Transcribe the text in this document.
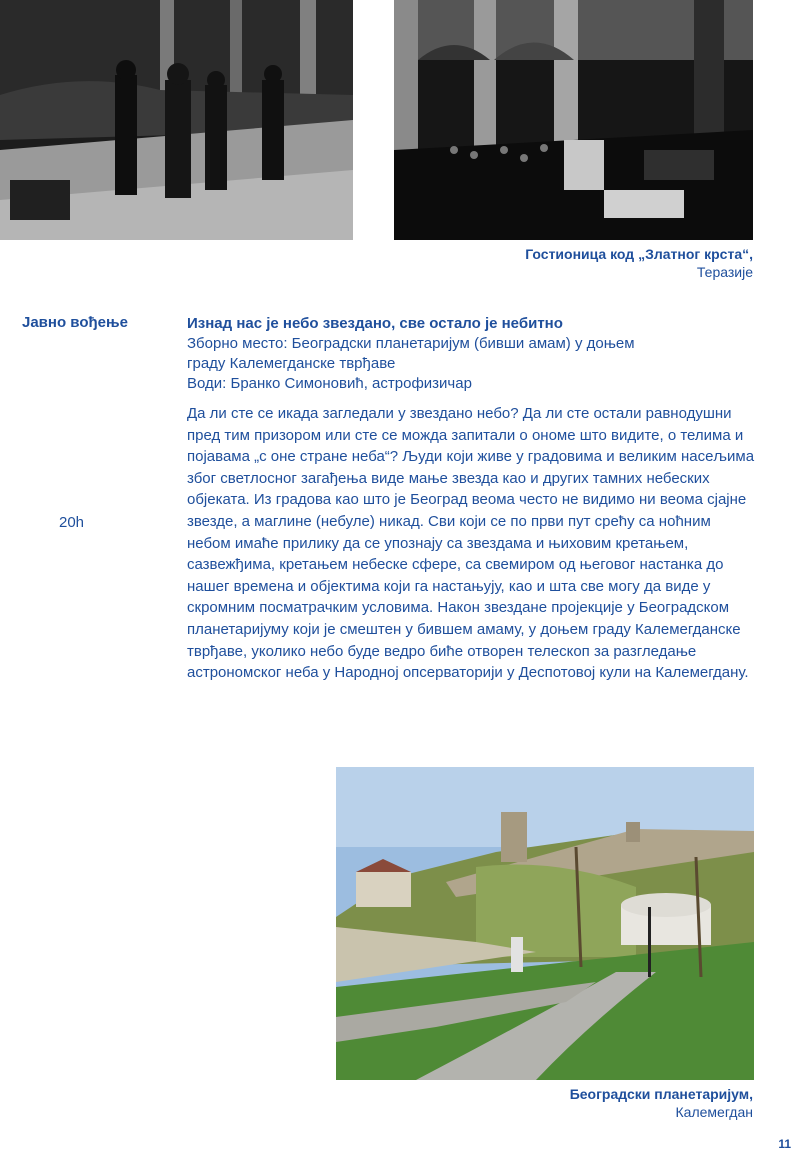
Гостионица код „Златног крста“,
Теразије
Јавно вођење
20h
Изнад нас је небо звездано, све остало је небитно
Зборно место: Београдски планетаријум (бивши амам) у доњем
граду Калемегданске тврђаве
Води: Бранко Симоновић, астрофизичар
Да ли сте се икада загледали у звездано небо? Да ли сте остали равнодушни пред тим призором или сте се можда запитали о ономе што видите, о телима и појавама „с оне стране неба“? Људи који живе у градовима и великим насељима због светлосног загађења виде мање звезда као и других тамних небеских објеката. Из градова као што је Београд веома често не видимо ни веома сјајне звезде, а маглине (небуле) никад. Сви који се по први пут срећу са ноћним небом имаће прилику да се упознају са звездама и њиховим кретањем, сазвежђима, кретањем небеске сфере, са свемиром од његовог настанка до нашег времена и објектима који га настањују, као и шта све могу да виде у скромним посматрачким условима. Након звездане пројекције у Београдском планетаријуму који је смештен у бившем амаму, у доњем граду Калемегданске тврђаве, уколико небо буде ведро биће отворен телескоп за разгледање астрономског неба у Народној опсерваторији у Деспотовој кули на Калемегдану.
Београдски планетаријум,
Калемегдан
11
